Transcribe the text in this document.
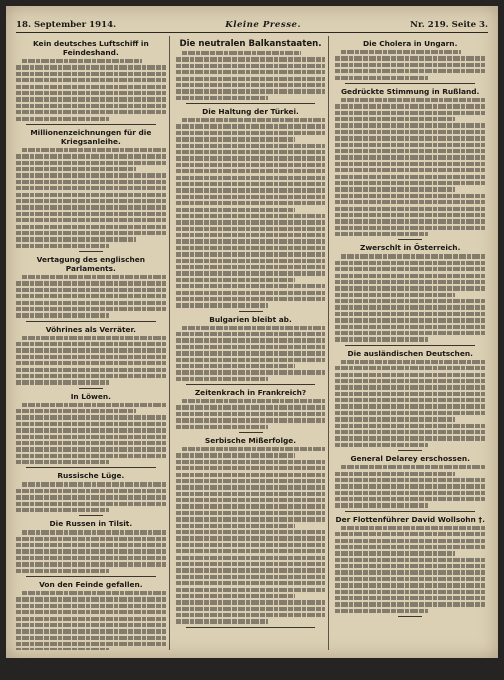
18. September 1914.	Kleine Presse.	Nr. 219. Seite 3.
Kein deutsches Luftschiff in Feindeshand.
Millionenzeichnungen für die Kriegsanleihe.
Vertagung des englischen Parlaments.
Vöhrines als Verräter.
In Löwen.
Russische Lüge.
Die Russen in Tilsit.
Von den Feinde gefallen.
Die neutralen Balkanstaaten.
Die Haltung der Türkei.
Bulgarien bleibt ab.
Zeitenkrach in Frankreich?
Serbische Mißerfolge.
Die Cholera in Ungarn.
Gedrückte Stimmung in Rußland.
Zwerschlt in Österreich.
Die ausländischen Deutschen.
General Delarey erschossen.
Der Flottenführer David Wollsohn †.
